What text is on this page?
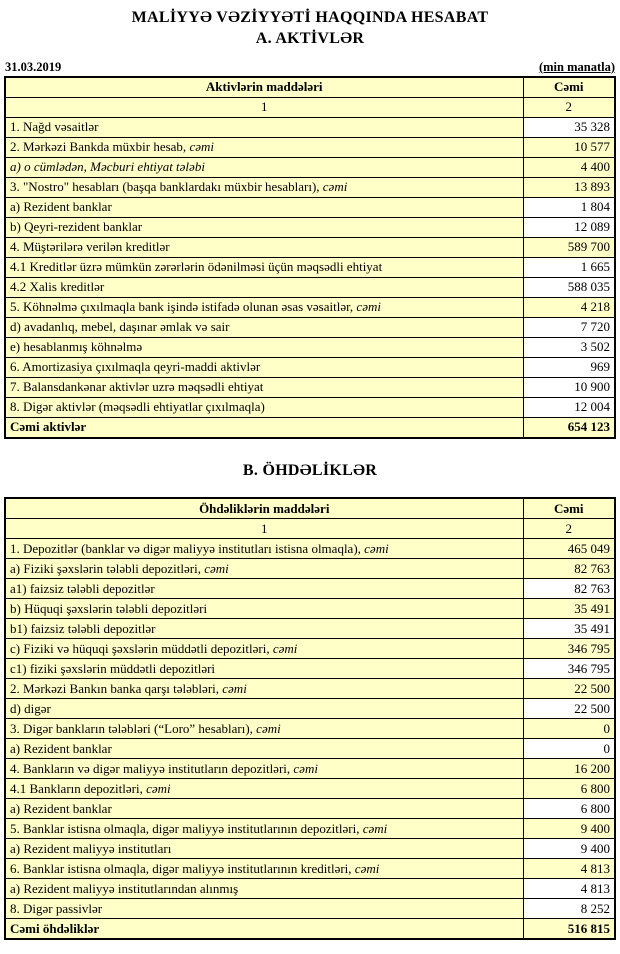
MALİYYƏ VƏZİYYƏTİ HAQQINDA HESABAT
A. AKTİVLƏR
31.03.2019	(min manatla)
Aktivlərin maddələri	Cəmi
1	2
1. Nağd vəsaitlər	35 328
2. Mərkəzi Bankda müxbir hesab, cəmi	10 577
a) o cümlədən, Məcburi ehtiyat tələbi	4 400
3. "Nostro" hesabları (başqa banklardakı müxbir hesabları), cəmi	13 893
a) Rezident banklar	1 804
b) Qeyri-rezident banklar	12 089
4. Müştərilərə verilən kreditlər	589 700
4.1 Kreditlər üzrə mümkün zərərlərin ödənilməsi üçün məqsədli ehtiyat	1 665
4.2 Xalis kreditlər	588 035
5. Köhnəlmə çıxılmaqla bank işində istifadə olunan əsas vəsaitlər, cəmi	4 218
d) avadanlıq, mebel, daşınar əmlak və sair	7 720
e) hesablanmış köhnəlmə	3 502
6. Amortizasiya çıxılmaqla qeyri-maddi aktivlər	969
7. Balansdankənar aktivlər uzrə məqsədli ehtiyat	10 900
8. Digər aktivlər (məqsədli ehtiyatlar çıxılmaqla)	12 004
Cəmi aktivlər	654 123
B. ÖHDƏLİKLƏR
Öhdəliklərin maddələri	Cəmi
1	2
1. Depozitlər (banklar və digər maliyyə institutları istisna olmaqla), cəmi	465 049
a) Fiziki şəxslərin tələbli depozitləri, cəmi	82 763
a1) faizsiz tələbli depozitlər	82 763
b) Hüquqi şəxslərin tələbli depozitləri	35 491
b1) faizsiz tələbli depozitlər	35 491
c) Fiziki və hüquqi şəxslərin müddətli depozitləri, cəmi	346 795
c1) fiziki şəxslərin müddətli depozitləri	346 795
2. Mərkəzi Bankın banka qarşı tələbləri, cəmi	22 500
d) digər	22 500
3. Digər bankların tələbləri (“Loro” hesabları), cəmi	0
a) Rezident banklar	0
4. Bankların və digər maliyyə institutların depozitləri, cəmi	16 200
4.1 Bankların depozitləri, cəmi	6 800
a) Rezident banklar	6 800
5. Banklar istisna olmaqla, digər maliyyə institutlarının depozitləri, cəmi	9 400
a) Rezident maliyyə institutları	9 400
6. Banklar istisna olmaqla, digər maliyyə institutlarının kreditləri, cəmi	4 813
a) Rezident maliyyə institutlarından alınmış	4 813
8. Digər passivlər	8 252
Cəmi öhdəliklər	516 815
